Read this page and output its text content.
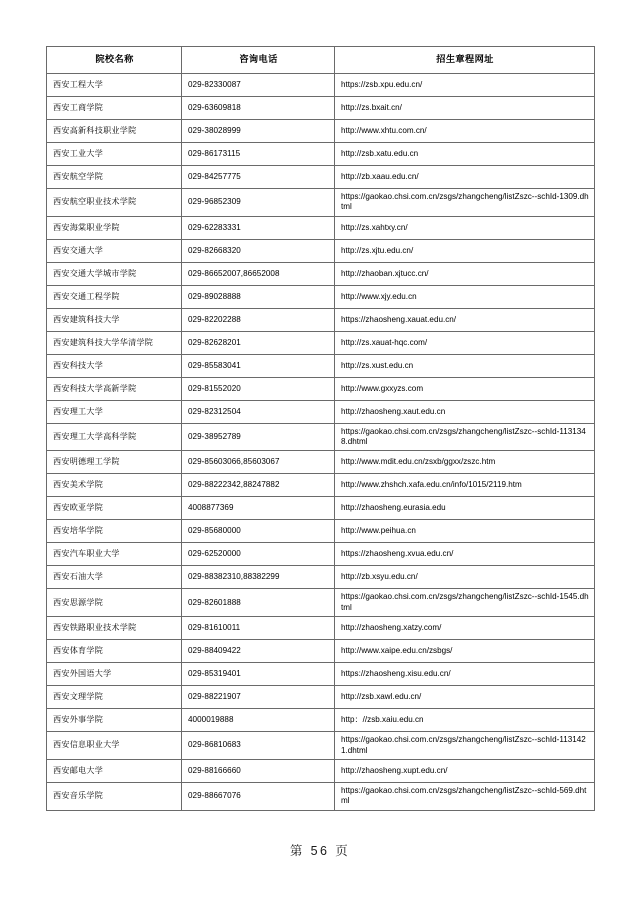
院校名称	咨询电话	招生章程网址
西安工程大学	029-82330087	https://zsb.xpu.edu.cn/
西安工商学院	029-63609818	http://zs.bxait.cn/
西安高新科技职业学院	029-38028999	http://www.xhtu.com.cn/
西安工业大学	029-86173115	http://zsb.xatu.edu.cn
西安航空学院	029-84257775	http://zb.xaau.edu.cn/
西安航空职业技术学院	029-96852309	https://gaokao.chsi.com.cn/zsgs/zhangcheng/listZszc--schId-1309.dhtml
西安海棠职业学院	029-62283331	http://zs.xahtxy.cn/
西安交通大学	029-82668320	http://zs.xjtu.edu.cn/
西安交通大学城市学院	029-86652007,86652008	http://zhaoban.xjtucc.cn/
西安交通工程学院	029-89028888	http://www.xjy.edu.cn
西安建筑科技大学	029-82202288	https://zhaosheng.xauat.edu.cn/
西安建筑科技大学华清学院	029-82628201	http://zs.xauat-hqc.com/
西安科技大学	029-85583041	http://zs.xust.edu.cn
西安科技大学高新学院	029-81552020	http://www.gxxyzs.com
西安理工大学	029-82312504	http://zhaosheng.xaut.edu.cn
西安理工大学高科学院	029-38952789	https://gaokao.chsi.com.cn/zsgs/zhangcheng/listZszc--schId-1131348.dhtml
西安明德理工学院	029-85603066,85603067	http://www.mdit.edu.cn/zsxb/ggxx/zszc.htm
西安美术学院	029-88222342,88247882	http://www.zhshch.xafa.edu.cn/info/1015/2119.htm
西安欧亚学院	4008877369	http://zhaosheng.eurasia.edu
西安培华学院	029-85680000	http://www.peihua.cn
西安汽车职业大学	029-62520000	https://zhaosheng.xvua.edu.cn/
西安石油大学	029-88382310,88382299	http://zb.xsyu.edu.cn/
西安思源学院	029-82601888	https://gaokao.chsi.com.cn/zsgs/zhangcheng/listZszc--schId-1545.dhtml
西安铁路职业技术学院	029-81610011	http://zhaosheng.xatzy.com/
西安体育学院	029-88409422	http://www.xaipe.edu.cn/zsbgs/
西安外国语大学	029-85319401	https://zhaosheng.xisu.edu.cn/
西安文理学院	029-88221907	http://zsb.xawl.edu.cn/
西安外事学院	4000019888	http：//zsb.xaiu.edu.cn
西安信息职业大学	029-86810683	https://gaokao.chsi.com.cn/zsgs/zhangcheng/listZszc--schId-1131421.dhtml
西安邮电大学	029-88166660	http://zhaosheng.xupt.edu.cn/
西安音乐学院	029-88667076	https://gaokao.chsi.com.cn/zsgs/zhangcheng/listZszc--schId-569.dhtml
第 56 页
